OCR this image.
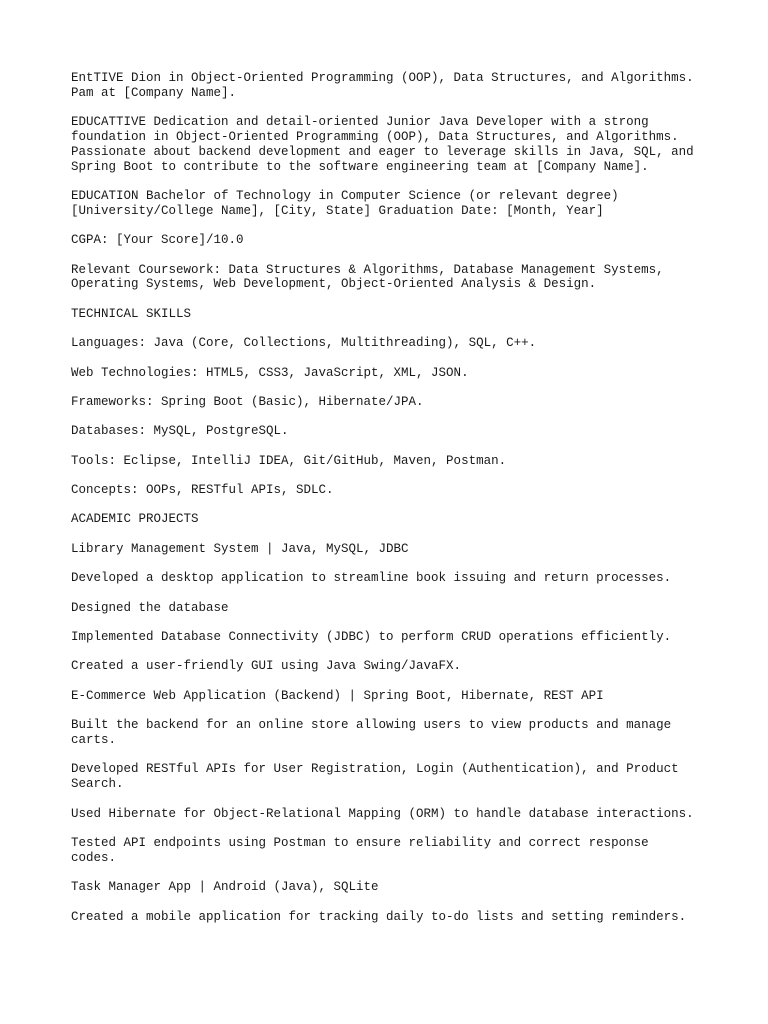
EntTIVE Dion in Object-Oriented Programming (OOP), Data Structures, and Algorithms.
Pam at [Company Name].

EDUCATTIVE Dedication and detail-oriented Junior Java Developer with a strong
foundation in Object-Oriented Programming (OOP), Data Structures, and Algorithms.
Passionate about backend development and eager to leverage skills in Java, SQL, and
Spring Boot to contribute to the software engineering team at [Company Name].

EDUCATION Bachelor of Technology in Computer Science (or relevant degree)
[University/College Name], [City, State] Graduation Date: [Month, Year]

CGPA: [Your Score]/10.0

Relevant Coursework: Data Structures & Algorithms, Database Management Systems,
Operating Systems, Web Development, Object-Oriented Analysis & Design.

TECHNICAL SKILLS

Languages: Java (Core, Collections, Multithreading), SQL, C++.

Web Technologies: HTML5, CSS3, JavaScript, XML, JSON.

Frameworks: Spring Boot (Basic), Hibernate/JPA.

Databases: MySQL, PostgreSQL.

Tools: Eclipse, IntelliJ IDEA, Git/GitHub, Maven, Postman.

Concepts: OOPs, RESTful APIs, SDLC.

ACADEMIC PROJECTS

Library Management System | Java, MySQL, JDBC

Developed a desktop application to streamline book issuing and return processes.

Designed the database

Implemented Database Connectivity (JDBC) to perform CRUD operations efficiently.

Created a user-friendly GUI using Java Swing/JavaFX.

E-Commerce Web Application (Backend) | Spring Boot, Hibernate, REST API

Built the backend for an online store allowing users to view products and manage
carts.

Developed RESTful APIs for User Registration, Login (Authentication), and Product
Search.

Used Hibernate for Object-Relational Mapping (ORM) to handle database interactions.

Tested API endpoints using Postman to ensure reliability and correct response
codes.

Task Manager App | Android (Java), SQLite

Created a mobile application for tracking daily to-do lists and setting reminders.
